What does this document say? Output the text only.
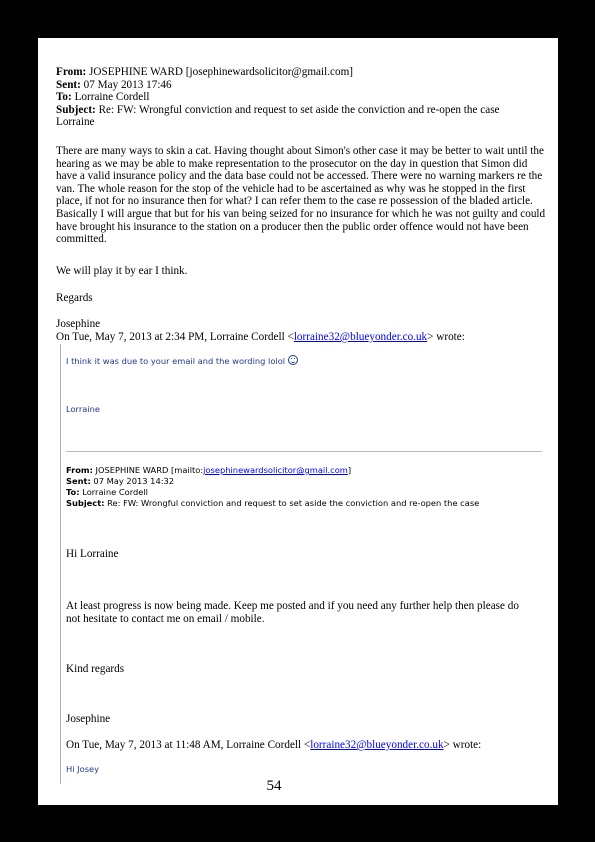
From: JOSEPHINE WARD [josephinewardsolicitor@gmail.com]
Sent: 07 May 2013 17:46
To: Lorraine Cordell
Subject: Re: FW: Wrongful conviction and request to set aside the conviction and re-open the case
Lorraine
There are many ways to skin a cat. Having thought about Simon's other case it may be better to wait until the hearing as we may be able to make representation to the prosecutor on the day in question that Simon did have a valid insurance policy and the data base could not be accessed. There were no warning markers re the van. The whole reason for the stop of the vehicle had to be ascertained as why was he stopped in the first place, if not for no insurance then for what? I can refer them to the case re possession of the bladed article. Basically I will argue that but for his van being seized for no insurance for which he was not guilty and could have brought his insurance to the station on a producer then the public order offence would not have been committed.
We will play it by ear I think.
Regards
Josephine
On Tue, May 7, 2013 at 2:34 PM, Lorraine Cordell <lorraine32@blueyonder.co.uk> wrote:
I think it was due to your email and the wording lolol
Lorraine
From: JOSEPHINE WARD [mailto:josephinewardsolicitor@gmail.com]
Sent: 07 May 2013 14:32
To: Lorraine Cordell
Subject: Re: FW: Wrongful conviction and request to set aside the conviction and re-open the case
Hi Lorraine
At least progress is now being made. Keep me posted and if you need any further help then please do not hesitate to contact me on email / mobile.
Kind regards
Josephine
On Tue, May 7, 2013 at 11:48 AM, Lorraine Cordell <lorraine32@blueyonder.co.uk> wrote:
Hi Josey
54
